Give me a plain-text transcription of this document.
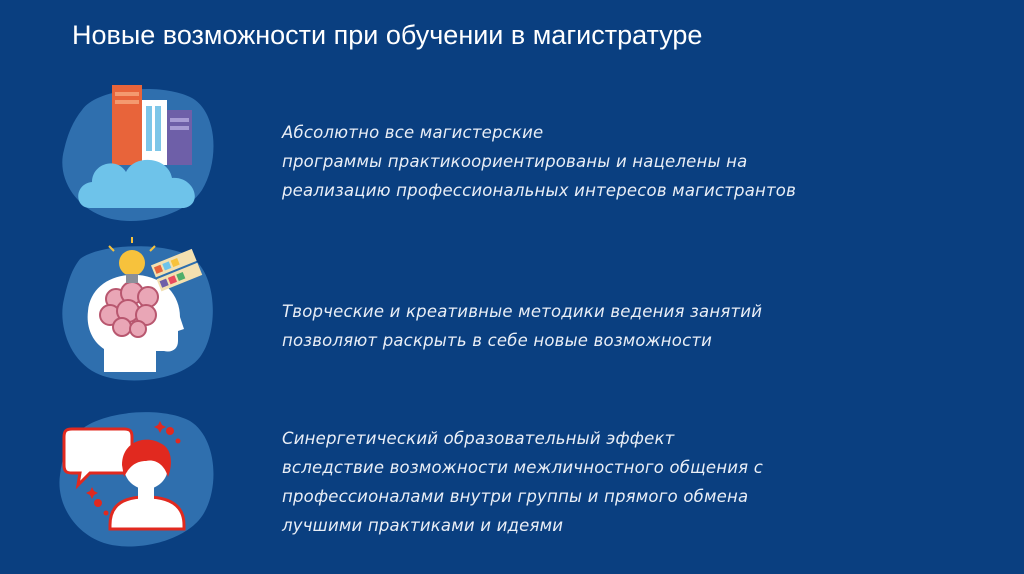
Новые возможности при обучении в магистратуре
Абсолютно все магистерские
программы практикоориентированы и нацелены на
реализацию профессиональных интересов магистрантов
Творческие и креативные методики ведения занятий
позволяют раскрыть в себе новые возможности
Синергетический образовательный эффект
вследствие возможности межличностного общения с
профессионалами внутри группы и прямого обмена
лучшими практиками и идеями
